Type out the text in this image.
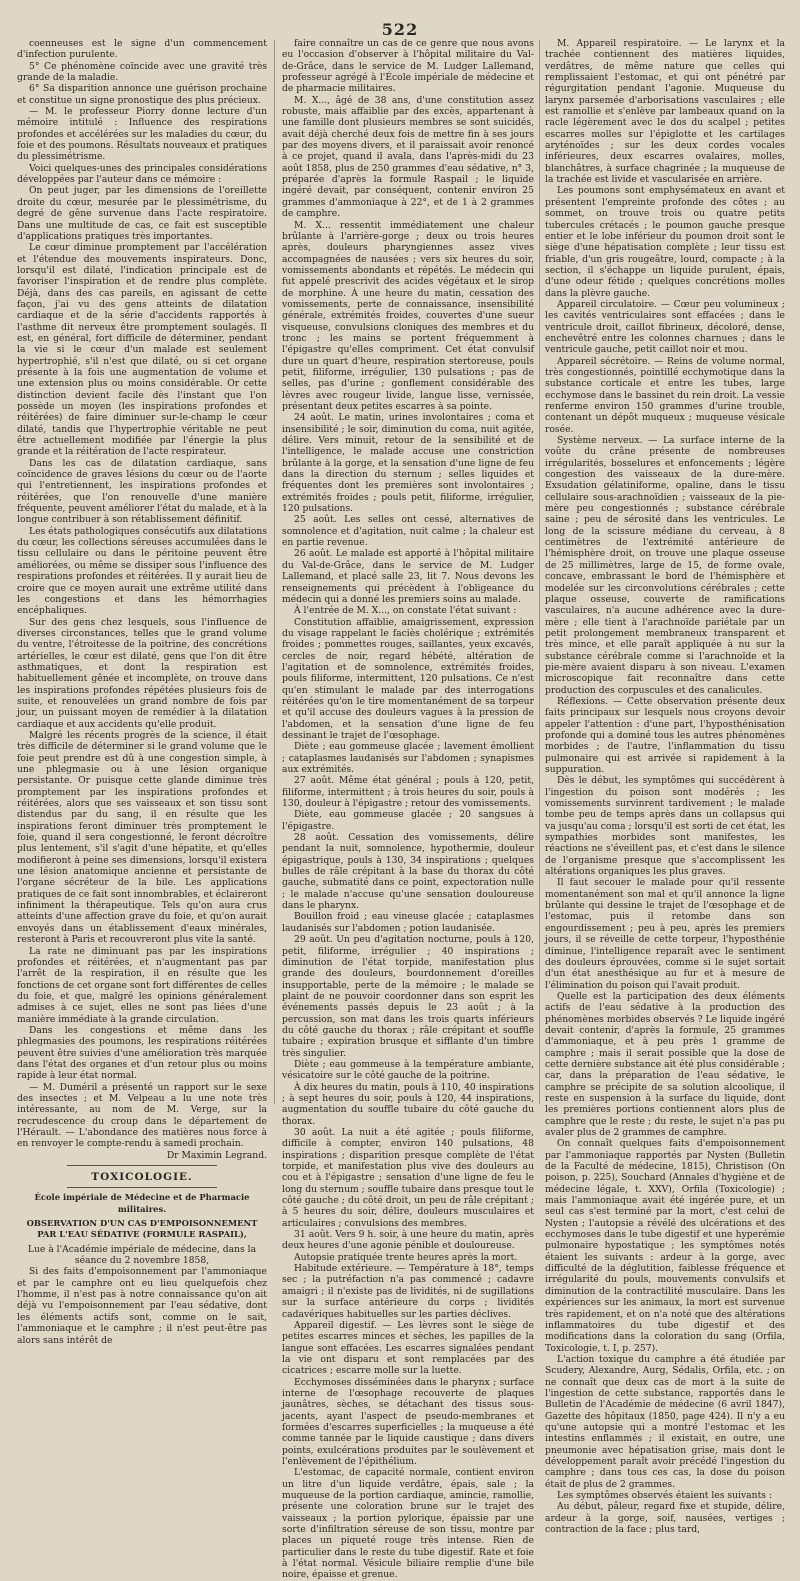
522

coenneuses est le signe d'un commencement d'infection purulente.

5° Ce phénomène coïncide avec une gravité très grande de la maladie.

6° Sa disparition annonce une guérison prochaine et constitue un signe pronostique des plus précieux.

— M. le professeur Piorry donne lecture d'un mémoire intitulé : Influence des respirations profondes et accélérées sur les maladies du cœur, du foie et des poumons. Résultats nouveaux et pratiques du plessimétrisme.

Voici quelques-unes des principales considérations développées par l'auteur dans ce mémoire :

On peut juger, par les dimensions de l'oreillette droite du cœur, mesurée par le plessimétrisme, du degré de gêne survenue dans l'acte respiratoire. Dans une multitude de cas, ce fait est susceptible d'applications pratiques très importantes.

Le cœur diminue promptement par l'accélération et l'étendue des mouvements inspirateurs. Donc, lorsqu'il est dilaté, l'indication principale est de favoriser l'inspiration et de rendre plus complète. Déjà, dans des cas pareils, en agissant de cette façon, j'ai vu des gens atteints de dilatation cardiaque et de la série d'accidents rapportés à l'asthme dit nerveux être promptement soulagés. Il est, en général, fort difficile de déterminer, pendant la vie si le cœur d'un malade est seulement hypertrophié, s'il n'est que dilaté, ou si cet organe présente à la fois une augmentation de volume et une extension plus ou moins considérable. Or cette distinction devient facile dès l'instant que l'on possède un moyen (les inspirations profondes et réitérées) de faire diminuer sur-le-champ le cœur dilaté, tandis que l'hypertrophie véritable ne peut être actuellement modifiée par l'énergie la plus grande et la réitération de l'acte respirateur.

Dans les cas de dilatation cardiaque, sans coïncidence de graves lésions du cœur ou de l'aorte qui l'entretiennent, les inspirations profondes et réitérées, que l'on renouvelle d'une manière fréquente, peuvent améliorer l'état du malade, et à la longue contribuer à son rétablissement définitif.

Les états pathologiques consécutifs aux dilatations du cœur, les collections séreuses accumulées dans le tissu cellulaire ou dans le péritoine peuvent être améliorées, ou même se dissiper sous l'influence des respirations profondes et réitérées. Il y aurait lieu de croire que ce moyen aurait une extrême utilité dans les congestions et dans les hémorrhagies encéphaliques.

Sur des gens chez lesquels, sous l'influence de diverses circonstances, telles que le grand volume du ventre, l'étroitesse de la poitrine, des concrétions artérielles, le cœur est dilaté, gens que l'on dit être asthmatiques, et dont la respiration est habituellement gênée et incomplète, on trouve dans les inspirations profondes répétées plusieurs fois de suite, et renouvelées un grand nombre de fois par jour, un puissant moyen de remédier à la dilatation cardiaque et aux accidents qu'elle produit.

Malgré les récents progrès de la science, il était très difficile de déterminer si le grand volume que le foie peut prendre est dû à une congestion simple, à une phlegmasie ou à une lésion organique persistante. Or puisque cette glande diminue très promptement par les inspirations profondes et réitérées, alors que ses vaisseaux et son tissu sont distendus par du sang, il en résulte que les inspirations feront diminuer très promptement le foie, quand il sera congestionné, le feront décroître plus lentement, s'il s'agit d'une hépatite, et qu'elles modifieront à peine ses dimensions, lorsqu'il existera une lésion anatomique ancienne et persistante de l'organe sécréteur de la bile. Les applications pratiques de ce fait sont innombrables, et éclaireront infiniment la thérapeutique. Tels qu'on aura crus atteints d'une affection grave du foie, et qu'on aurait envoyés dans un établissement d'eaux minérales, resteront à Paris et recouvreront plus vite la santé.

La rate ne diminuant pas par les inspirations profondes et réitérées, et n'augmentant pas par l'arrêt de la respiration, il en résulte que les fonctions de cet organe sont fort différentes de celles du foie, et que, malgré les opinions généralement admises à ce sujet, elles ne sont pas liées d'une manière immédiate à la grande circulation.

Dans les congestions et même dans les phlegmasies des poumons, les respirations réitérées peuvent être suivies d'une amélioration très marquée dans l'état des organes et d'un retour plus ou moins rapide à leur état normal.

— M. Duméril a présenté un rapport sur le sexe des insectes ; et M. Velpeau a lu une note très intéressante, au nom de M. Verge, sur la recrudescence du croup dans le département de l'Hérault. — L'abondance des matières nous force à en renvoyer le compte-rendu à samedi prochain.

Dr Maximin Legrand.

TOXICOLOGIE.

École impériale de Médecine et de Pharmacie militaires.

OBSERVATION D'UN CAS D'EMPOISONNEMENT PAR L'EAU SÉDATIVE (FORMULE RASPAIL),

Lue à l'Académie impériale de médecine, dans la séance du 2 novembre 1858,

Si des faits d'empoisonnement par l'ammoniaque et par le camphre ont eu lieu quelquefois chez l'homme, il n'est pas à notre connaissance qu'on ait déjà vu l'empoisonnement par l'eau sédative, dont les éléments actifs sont, comme on le sait, l'ammoniaque et le camphre ; il n'est peut-être pas alors sans intérêt de

faire connaître un cas de ce genre que nous avons eu l'occasion d'observer à l'hôpital militaire du Val-de-Grâce, dans le service de M. Ludger Lallemand, professeur agrégé à l'École impériale de médecine et de pharmacie militaires.

M. X..., âgé de 38 ans, d'une constitution assez robuste, mais affaiblie par des excès, appartenant à une famille dont plusieurs membres se sont suicidés, avait déjà cherché deux fois de mettre fin à ses jours par des moyens divers, et il paraissait avoir renoncé à ce projet, quand il avala, dans l'après-midi du 23 août 1858, plus de 250 grammes d'eau sédative, n° 3, préparée d'après la formule Raspail ; le liquide ingéré devait, par conséquent, contenir environ 25 grammes d'ammoniaque à 22°, et de 1 à 2 grammes de camphre.

M. X... ressentit immédiatement une chaleur brûlante à l'arrière-gorge ; deux ou trois heures après, douleurs pharyngiennes assez vives accompagnées de nausées ; vers six heures du soir, vomissements abondants et répétés. Le médecin qui fut appelé prescrivit des acides végétaux et le sirop de morphine. À une heure du matin, cessation des vomissements, perte de connaissance, insensibilité générale, extrémités froides, couvertes d'une sueur visqueuse, convulsions cloniques des membres et du tronc ; les mains se portent fréquemment à l'épigastre qu'elles compriment. Cet état convulsif dure un quart d'heure, respiration stertoreuse, pouls petit, filiforme, irrégulier, 130 pulsations ; pas de selles, pas d'urine ; gonflement considérable des lèvres avec rougeur livide, langue lisse, vernissée, présentant deux petites escarres à sa pointe.

24 août. Le matin, urines involontaires ; coma et insensibilité ; le soir, diminution du coma, nuit agitée, délire. Vers minuit, retour de la sensibilité et de l'intelligence, le malade accuse une constriction brûlante à la gorge, et la sensation d'une ligne de feu dans la direction du sternum ; selles liquides et fréquentes dont les premières sont involontaires ; extrémités froides ; pouls petit, filiforme, irrégulier, 120 pulsations.

25 août. Les selles ont cessé, alternatives de somnolence et d'agitation, nuit calme ; la chaleur est en partie revenue.

26 août. Le malade est apporté à l'hôpital militaire du Val-de-Grâce, dans le service de M. Ludger Lallemand, et placé salle 23, lit 7. Nous devons les renseignements qui précèdent à l'obligeance du médecin qui a donné les premiers soins au malade.

À l'entrée de M. X..., on constate l'état suivant :

Constitution affaiblie, amaigrissement, expression du visage rappelant le faciès cholérique ; extrémités froides ; pommettes rouges, saillantes, yeux excavés, cercles de noir, regard hébété, altération de l'agitation et de somnolence, extrémités froides, pouls filiforme, intermittent, 120 pulsations. Ce n'est qu'en stimulant le malade par des interrogations réitérées qu'on le tire momentanément de sa torpeur et qu'il accuse des douleurs vagues à la pression de l'abdomen, et la sensation d'une ligne de feu dessinant le trajet de l'œsophage.

Diète ; eau gommeuse glacée ; lavement émollient ; cataplasmes laudanisés sur l'abdomen ; synapismes aux extrémités.

27 août. Même état général ; pouls à 120, petit, filiforme, intermittent ; à trois heures du soir, pouls à 130, douleur à l'épigastre ; retour des vomissements.

Diète, eau gommeuse glacée ; 20 sangsues à l'épigastre.

28 août. Cessation des vomissements, délire pendant la nuit, somnolence, hypothermie, douleur épigastrique, pouls à 130, 34 inspirations ; quelques bulles de râle crépitant à la base du thorax du côté gauche, submatité dans ce point, expectoration nulle ; le malade n'accuse qu'une sensation douloureuse dans le pharynx.

Bouillon froid ; eau vineuse glacée ; cataplasmes laudanisés sur l'abdomen ; potion laudanisée.

29 août. Un peu d'agitation nocturne, pouls à 120, petit, filiforme, irrégulier ; 40 inspirations ; diminution de l'état torpide, manifestation plus grande des douleurs, bourdonnement d'oreilles insupportable, perte de la mémoire ; le malade se plaint de ne pouvoir coordonner dans son esprit les événements passés depuis le 23 août ; à la percussion, son mat dans les trois quarts inférieurs du côté gauche du thorax ; râle crépitant et souffle tubaire ; expiration brusque et sifflante d'un timbre très singulier.

Diète ; eau gommeuse à la température ambiante, vésicatoire sur le côté gauche de la poitrine.

À dix heures du matin, pouls à 110, 40 inspirations ; à sept heures du soir, pouls à 120, 44 inspirations, augmentation du souffle tubaire du côté gauche du thorax.

30 août. La nuit a été agitée ; pouls filiforme, difficile à compter, environ 140 pulsations, 48 inspirations ; disparition presque complète de l'état torpide, et manifestation plus vive des douleurs au cou et à l'épigastre ; sensation d'une ligne de feu le long du sternum ; souffle tubaire dans presque tout le côté gauche ; du côté droit, un peu de râle crépitant ; à 5 heures du soir, délire, douleurs musculaires et articulaires ; convulsions des membres.

31 août. Vers 9 h. soir, à une heure du matin, après deux heures d'une agonie pénible et douloureuse.

Autopsie pratiquée trente heures après la mort.

Habitude extérieure. — Température à 18°, temps sec ; la putréfaction n'a pas commencé ; cadavre amaigri ; il n'existe pas de lividités, ni de sugillations sur la surface antérieure du corps ; lividités cadavériques habituelles sur les parties déclives.

Appareil digestif. — Les lèvres sont le siège de petites escarres minces et sèches, les papilles de la langue sont effacées. Les escarres signalées pendant la vie ont disparu et sont remplacées par des cicatrices ; escarre molle sur la luette.

Ecchymoses disséminées dans le pharynx ; surface interne de l'œsophage recouverte de plaques jaunâtres, sèches, se détachant des tissus sous-jacents, ayant l'aspect de pseudo-membranes et formées d'escarres superficielles ; la muqueuse a été comme tannée par le liquide caustique ; dans divers points, exulcérations produites par le soulèvement et l'enlèvement de l'épithélium.

L'estomac, de capacité normale, contient environ un litre d'un liquide verdâtre, épais, sale ; la muqueuse de la portion cardiaque, amincie, ramollie, présente une coloration brune sur le trajet des vaisseaux ; la portion pylorique, épaissie par une sorte d'infiltration séreuse de son tissu, montre par places un piqueté rouge très intense. Rien de particulier dans le reste du tube digestif. Rate et foie à l'état normal. Vésicule biliaire remplie d'une bile noire, épaisse et grenue.

M. Appareil respiratoire. — Le larynx et la trachée contiennent des matières liquides, verdâtres, de même nature que celles qui remplissaient l'estomac, et qui ont pénétré par régurgitation pendant l'agonie. Muqueuse du larynx parsemée d'arborisations vasculaires ; elle est ramollie et s'enlève par lambeaux quand on la racle légèrement avec le dos du scalpel ; petites escarres molles sur l'épiglotte et les cartilages aryténoïdes ; sur les deux cordes vocales inférieures, deux escarres ovalaires, molles, blanchâtres, à surface chagrinée ; la muqueuse de la trachée est livide et vascularisée en arrière.

Les poumons sont emphysémateux en avant et présentent l'empreinte profonde des côtes ; au sommet, on trouve trois ou quatre petits tubercules crétacés ; le poumon gauche presque entier et le lobe inférieur du poumon droit sont le siège d'une hépatisation complète ; leur tissu est friable, d'un gris rougeâtre, lourd, compacte ; à la section, il s'échappe un liquide purulent, épais, d'une odeur fétide ; quelques concrétions molles dans la plèvre gauche.

Appareil circulatoire. — Cœur peu volumineux ; les cavités ventriculaires sont effacées ; dans le ventricule droit, caillot fibrineux, décoloré, dense, enchevêtré entre les colonnes charnues ; dans le ventricule gauche, petit caillot noir et mou.

Appareil sécrétoire. — Reins de volume normal, très congestionnés, pointillé ecchymotique dans la substance corticale et entre les tubes, large ecchymose dans le bassinet du rein droit. La vessie renferme environ 150 grammes d'urine trouble, contenant un dépôt muqueux ; muqueuse vésicale rosée.

Système nerveux. — La surface interne de la voûte du crâne présente de nombreuses irrégularités, bosselures et enfoncements ; légère congestion des vaisseaux de la dure-mère. Exsudation gélatiniforme, opaline, dans le tissu cellulaire sous-arachnoïdien ; vaisseaux de la pie-mère peu congestionnés ; substance cérébrale saine ; peu de sérosité dans les ventricules. Le long de la scissure médiane du cerveau, à 8 centimètres de l'extrémité antérieure de l'hémisphère droit, on trouve une plaque osseuse de 25 millimètres, large de 15, de forme ovale, concave, embrassant le bord de l'hémisphère et modelée sur les circonvolutions cérébrales ; cette plaque osseuse, couverte de ramifications vasculaires, n'a aucune adhérence avec la dure-mère ; elle tient à l'arachnoïde pariétale par un petit prolongement membraneux transparent et très mince, et elle paraît appliquée à nu sur la substance cérébrale comme si l'arachnoïde et la pie-mère avaient disparu à son niveau. L'examen microscopique fait reconnaître dans cette production des corpuscules et des canalicules.

Réflexions. — Cette observation présente deux faits principaux sur lesquels nous croyons devoir appeler l'attention : d'une part, l'hyposthénisation profonde qui a dominé tous les autres phénomènes morbides ; de l'autre, l'inflammation du tissu pulmonaire qui est arrivée si rapidement à la suppuration.

Dès le début, les symptômes qui succédèrent à l'ingestion du poison sont modérés ; les vomissements survinrent tardivement ; le malade tombe peu de temps après dans un collapsus qui va jusqu'au coma ; lorsqu'il est sorti de cet état, les sympathies morbides sont manifestes, les réactions ne s'éveillent pas, et c'est dans le silence de l'organisme presque que s'accomplissent les altérations organiques les plus graves.

Il faut secouer le malade pour qu'il ressente momentanément son mal et qu'il annonce la ligne brûlante qui dessine le trajet de l'œsophage et de l'estomac, puis il retombe dans son engourdissement ; peu à peu, après les premiers jours, il se réveille de cette torpeur, l'hyposthénie diminue, l'intelligence reparaît avec le sentiment des douleurs éprouvées, comme si le sujet sortait d'un état anesthésique au fur et à mesure de l'élimination du poison qui l'avait produit.

Quelle est la participation des deux éléments actifs de l'eau sédative à la production des phénomènes morbides observés ? Le liquide ingéré devait contenir, d'après la formule, 25 grammes d'ammoniaque, et à peu près 1 gramme de camphre ; mais il serait possible que la dose de cette dernière substance ait été plus considérable ; car, dans la préparation de l'eau sédative, le camphre se précipite de sa solution alcoolique, il reste en suspension à la surface du liquide, dont les premières portions contiennent alors plus de camphre que le reste ; du reste, le sujet n'a pas pu avaler plus de 2 grammes de camphre.

On connaît quelques faits d'empoisonnement par l'ammoniaque rapportés par Nysten (Bulletin de la Faculté de médecine, 1815), Christison (On poison, p. 225), Souchard (Annales d'hygiène et de médecine légale, t. XXV), Orfila (Toxicologie) ; mais l'ammoniaque avait été ingérée pure, et un seul cas s'est terminé par la mort, c'est celui de Nysten ; l'autopsie a révélé des ulcérations et des ecchymoses dans le tube digestif et une hyperémie pulmonaire hypostatique ; les symptômes notés étaient les suivants : ardeur à la gorge, avec difficulté de la déglutition, faiblesse fréquence et irrégularité du pouls, mouvements convulsifs et diminution de la contractilité musculaire. Dans les expériences sur les animaux, la mort est survenue très rapidement, et on n'a noté que des altérations inflammatoires du tube digestif et des modifications dans la coloration du sang (Orfila, Toxicologie, t. I, p. 257).

L'action toxique du camphre a été étudiée par Scudery, Alexandre, Aurg, Sédalis, Orfila, etc. ; on ne connaît que deux cas de mort à la suite de l'ingestion de cette substance, rapportés dans le Bulletin de l'Académie de médecine (6 avril 1847), Gazette des hôpitaux (1850, page 424). Il n'y a eu qu'une autopsie qui a montré l'estomac et les intestins enflammés ; il existait, en outre, une pneumonie avec hépatisation grise, mais dont le développement paraît avoir précédé l'ingestion du camphre ; dans tous ces cas, la dose du poison était de plus de 2 grammes.

Les symptômes observés étaient les suivants :

Au début, pâleur, regard fixe et stupide, délire, ardeur à la gorge, soif, nausées, vertiges ; contraction de la face ; plus tard,
